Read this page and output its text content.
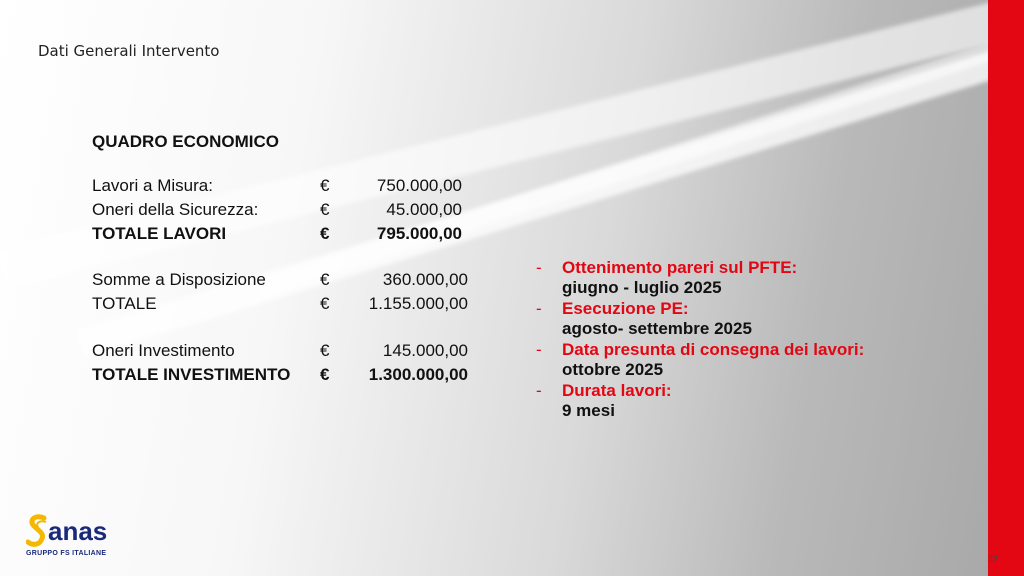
Dati Generali Intervento
QUADRO ECONOMICO
Lavori a Misura:	€	750.000,00
Oneri della Sicurezza:	€	45.000,00
TOTALE LAVORI	€	795.000,00
Somme a Disposizione	€	360.000,00
TOTALE	€	1.155.000,00
Oneri Investimento	€	145.000,00
TOTALE INVESTIMENTO €	1.300.000,00
-	Ottenimento pareri sul PFTE:
giugno - luglio 2025
-	Esecuzione PE:
agosto- settembre 2025
-	Data presunta di consegna dei lavori:
ottobre 2025
-	Durata lavori:
9 mesi
anas
GRUPPO FS ITALIANE
22
